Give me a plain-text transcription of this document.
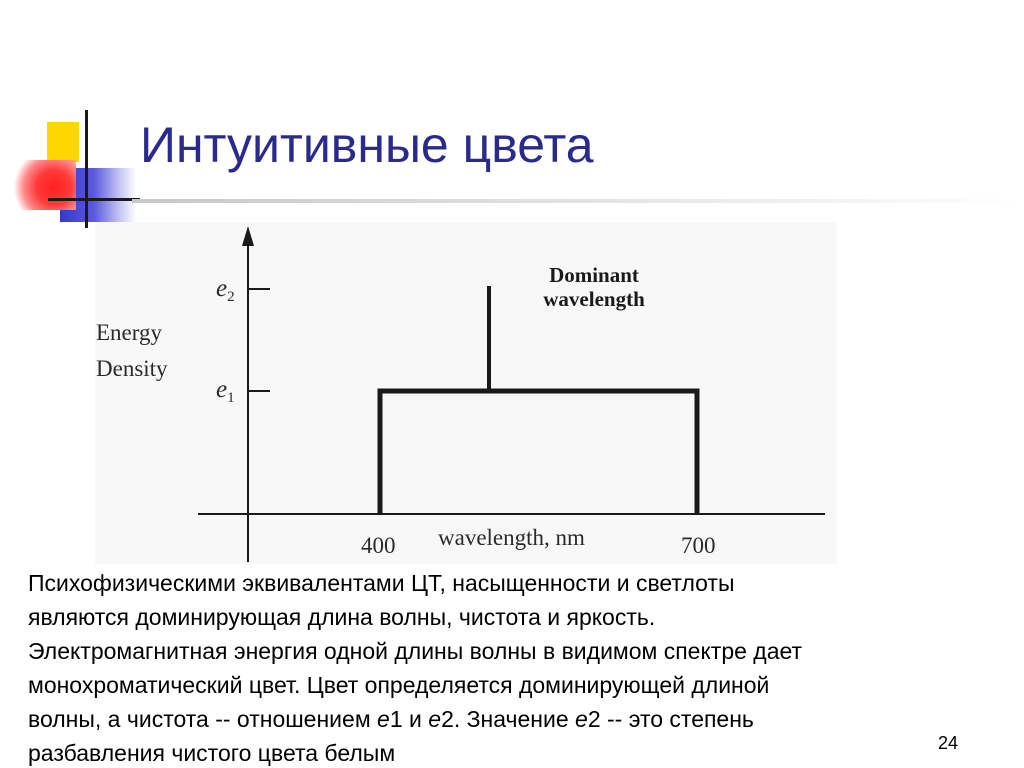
Интуитивные цвета
Energy
Density
$e_2$
$e_1$
400	700
wavelength, nm
Dominant
wavelength
Психофизическими эквивалентами ЦТ, насыщенности и светлоты
являются доминирующая длина волны, чистота и яркость.
Электромагнитная энергия одной длины волны в видимом спектре дает
монохроматический цвет. Цвет определяется доминирующей длиной
волны, а чистота -- отношением e1 и e2. Значение e2 -- это степень
разбавления чистого цвета белым	24
